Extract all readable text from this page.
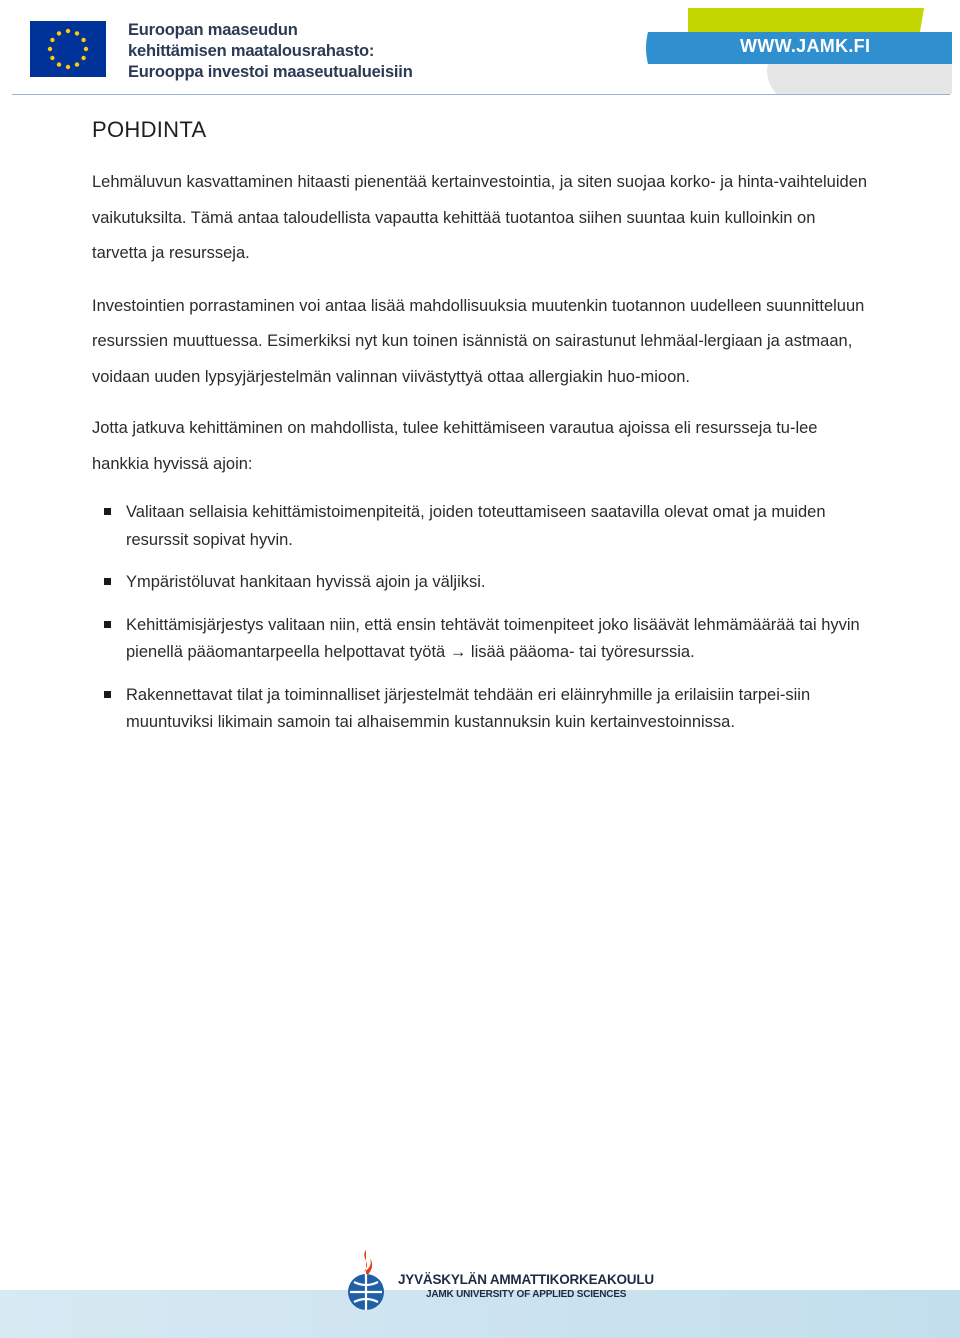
Euroopan maaseudun
kehittämisen maatalousrahasto:
Eurooppa investoi maaseutualueisiin
WWW.JAMK.FI
POHDINTA

Lehmäluvun kasvattaminen hitaasti pienentää kertainvestointia, ja siten suojaa korko- ja hinta-vaihteluiden vaikutuksilta. Tämä antaa taloudellista vapautta kehittää tuotantoa siihen suuntaa kuin kulloinkin on tarvetta ja resursseja.

Investointien porrastaminen voi antaa lisää mahdollisuuksia muutenkin tuotannon uudelleen suunnitteluun resurssien muuttuessa. Esimerkiksi nyt kun toinen isännistä on sairastunut lehmäal-lergiaan ja astmaan, voidaan uuden lypsyjärjestelmän valinnan viivästyttyä ottaa allergiakin huo-mioon.

Jotta jatkuva kehittäminen on mahdollista, tulee kehittämiseen varautua ajoissa eli resursseja tu-lee hankkia hyvissä ajoin:

Valitaan sellaisia kehittämistoimenpiteitä, joiden toteuttamiseen saatavilla olevat omat ja muiden resurssit sopivat hyvin.
Ympäristöluvat hankitaan hyvissä ajoin ja väljiksi.
Kehittämisjärjestys valitaan niin, että ensin tehtävät toimenpiteet joko lisäävät lehmämäärää tai hyvin pienellä pääomantarpeella helpottavat työtä → lisää pääoma- tai työresurssia.
Rakennettavat tilat ja toiminnalliset järjestelmät tehdään eri eläinryhmille ja erilaisiin tarpei-siin muuntuviksi likimain samoin tai alhaisemmin kustannuksin kuin kertainvestoinnissa.
JYVÄSKYLÄN AMMATTIKORKEAKOULU
JAMK UNIVERSITY OF APPLIED SCIENCES
